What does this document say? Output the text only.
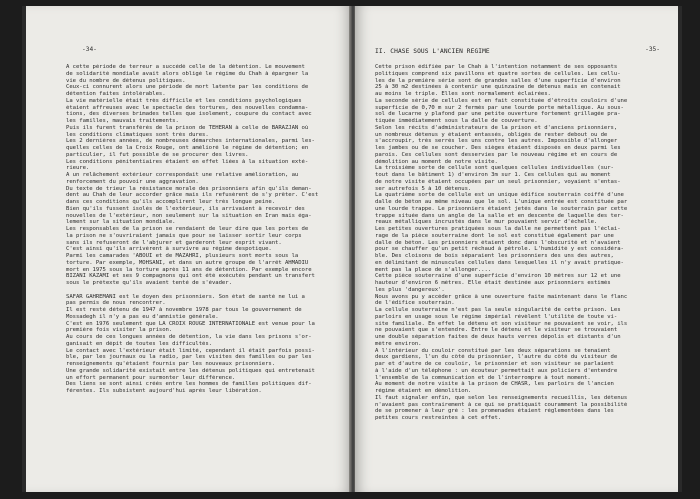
-34-
A cette période de terreur a succédé celle de la détention. Le mouvement
de solidarité mondiale avait alors obligé le régime du Chah à épargner la
vie du nombre de détenus politiques.
Ceux-ci connurent alors une période de mort latente par les conditions de
détention faites intolérables.
La vie matérielle était très difficile et les conditions psychologiques
étaient affreuses avec le spectacle des tortures, des nouvelles condamna-
tions, des diverses brimades telles que isolement, coupure du contact avec
les familles, mauvais traitements.
Puis ils furent transférés de la prison de TEHERAN à celle de BARAZJAN où
les conditions climatiques sont très dures.
Les 2 dernières années, de nombreuses démarches internationales, parmi les-
quelles celles de la Croix Rouge, ont amélioré le régime de détention; en
particulier, il fut possible de se procurer des livres.
Les conditions pénitentiaires étaient en effet liées à la situation exté-
rieure.
A un relâchement extérieur correspondait une relative amélioration, au
renforcement du pouvoir une aggravation.
Du texte de trieur la résistance morale des prisonniers afin qu'ils deman-
dent au Chah de leur accorder grâce mais ils refusèrent de s'y prêter. C'est
dans ces conditions qu'ils accomplirent leur très longue peine.
Bien qu'ils fussent isolés de l'extérieur, ils arrivaient à recevoir des
nouvelles de l'extérieur, non seulement sur la situation en Iran mais éga-
lement sur la situation mondiale.
Les responsables de la prison se rendaient de leur dire que les portes de
la prison ne s'ouvriraient jamais que pour se laisser sortir leur corps
sans ils refuseront de l'abjurer et garderont leur esprit vivant.
C'est ainsi qu'ils arrivèrent à survivre au régime despotique.
Parmi les camarades 'ABOUI et de MAZAHRI, plusieurs sont morts sous la
torture. Par exemple, MOHSANI, et dans un autre groupe de l'arrêt AHMADIU
mort en 1975 sous la torture après 11 ans de détention. Par exemple encore
BIZANI KAZAMI et ses 9 compagnons qui ont été exécutés pendant un transfert
sous le prétexte qu'ils avaient tenté de s'évader.
SAFAR GAHREMANI est le doyen des prisonniers. Son état de santé ne lui a
pas permis de nous rencontrer.
Il est resté détenu de 1947 à novembre 1978 par tous le gouvernement de
Mossadegh il n'y a pas eu d'amnistie générale.
C'est en 1976 seulement que LA CROIX ROUGE INTERNATIONALE est venue pour la
première fois visiter la prison.
Au cours de ces longues années de détention, la vie dans les prisons s'or-
ganisait en dépit de toutes les difficultés.
Le contact avec l'extérieur était limité, cependant il était parfois possi-
ble, par les journaux ou la radio, par les visites des familles ou par les
renseignements qu'étaient fournis par les nouveaux prisonniers.
Une grande solidarité existait entre les détenus politiques qui entretenait
un effort permanent pour surmonter leur différence.
Des liens se sont ainsi créés entre les hommes de familles politiques dif-
férentes. Ils subsistent aujourd'hui après leur libération.
-35-
II. CHASE SOUS L'ANCIEN REGIME
Cette prison édifiée par le Chah à l'intention notamment de ses opposants
politiques comprend six pavillons et quatre sortes de cellules. Les cellu-
les de la première série sont de grandes salles d'une superficie d'environ
25 à 30 m2 destinées à contenir une quinzaine de détenus mais en contenait
au moins le triple. Elles sont normalement éclairées.
La seconde série de cellules est en fait constituée d'étroits couloirs d'une
superficie de 0,70 m sur 2 fermés par une lourde porte métallique. Au sous-
sol de lucarne y plafond par une petite ouverture fortement grillagée pra-
tiquée immédiatement sous la dalle de couverture.
Selon les récits d'administrateurs de la prison et d'anciens prisonniers,
un nombreux détenus y étaient entassés, obligés de rester debout ou de
s'accroupir, très serrés les uns contre les autres. Impossible d'allonger
les jambes ou de se coucher. Des sièges étaient disposés en deux parmi les
parois. Ces cellules sont desservies par le nouveau régime et en cours de
démolition au moment de notre visite.
La troisième sorte de cellule sont quelques cellules individuelles (sur-
tout dans le bâtiment 1) d'environ 3m sur 1. Ces cellules qui au moment
de notre visite étaient occupées par un seul prisonnier, voyaient s'entas-
ser autrefois 5 à 10 détenus.
La quatrième sorte de cellule est un unique édifice souterrain coiffé d'une
dalle de béton au même niveau que le sol. L'unique entrée est constituée par
une lourde trappe. Le prisonniers étaient jetés dans le souterrain par cette
trappe située dans un angle de la salle et en descente de laquelle des ter-
reaux métalliques incrustés dans le mur pouvaient servir d'échelle.
Les petites ouvertures pratiquées sous la dalle ne permettent pas l'éclai-
rage de la pièce souterraine dont le sol est constitué également par une
dalle de béton. Les prisonniers étaient donc dans l'obscurité et n'avaient
pour se chauffer qu'un petit réchaud à pétrole. L'humidité y est considéra-
ble. Des cloisons de bois séparaient les prisonniers des uns des autres,
en délimitant de minuscules cellules dans lesquelles il n'y avait pratique-
ment pas la place de s'allonger....
Cette pièce souterraine d'une superficie d'environ 10 mètres sur 12 et une
hauteur d'environ 6 mètres. Elle était destinée aux prisonniers estimés
les plus 'dangereux'.
Nous avons pu y accéder grâce à une ouverture faite maintenant dans le flanc
de l'édifice souterrain.
La cellule souterraine n'est pas la seule singularité de cette prison. Les
parloirs en usage sous le régime impérial révèlent l'utilité de toute vi-
site familiale. En effet le détenu et son visiteur ne pouvaient se voir, ils
ne pouvaient que s'entendre. Entre le détenu et le visiteur se trouvaient
une double séparation faites de deux hauts verres dépolis et distants d'un
mètre environ.
A l'intérieur du couloir constitué par les deux séparations se tenaient
deux gardiens, l'un du côté du prisonnier, l'autre du côté du visiteur de
par et d'autre de ce couloir, le prisonnier et son visiteur se parlaient
à l'aide d'un téléphone : un écouteur permettait aux policiers d'entendre
l'ensemble de la communication et de l'interrompre à tout moment.
Au moment de notre visite à la prison de CHASR, les parloirs de l'ancien
régime étaient en démolition.
Il faut signaler enfin, que selon les renseignements recueillis, les détenus
n'avaient pas contrairement à ce qui se pratiquait couramment la possibilité
de se promener à leur gré : les promenades étaient réglementées dans les
petites cours restreintes à cet effet.
